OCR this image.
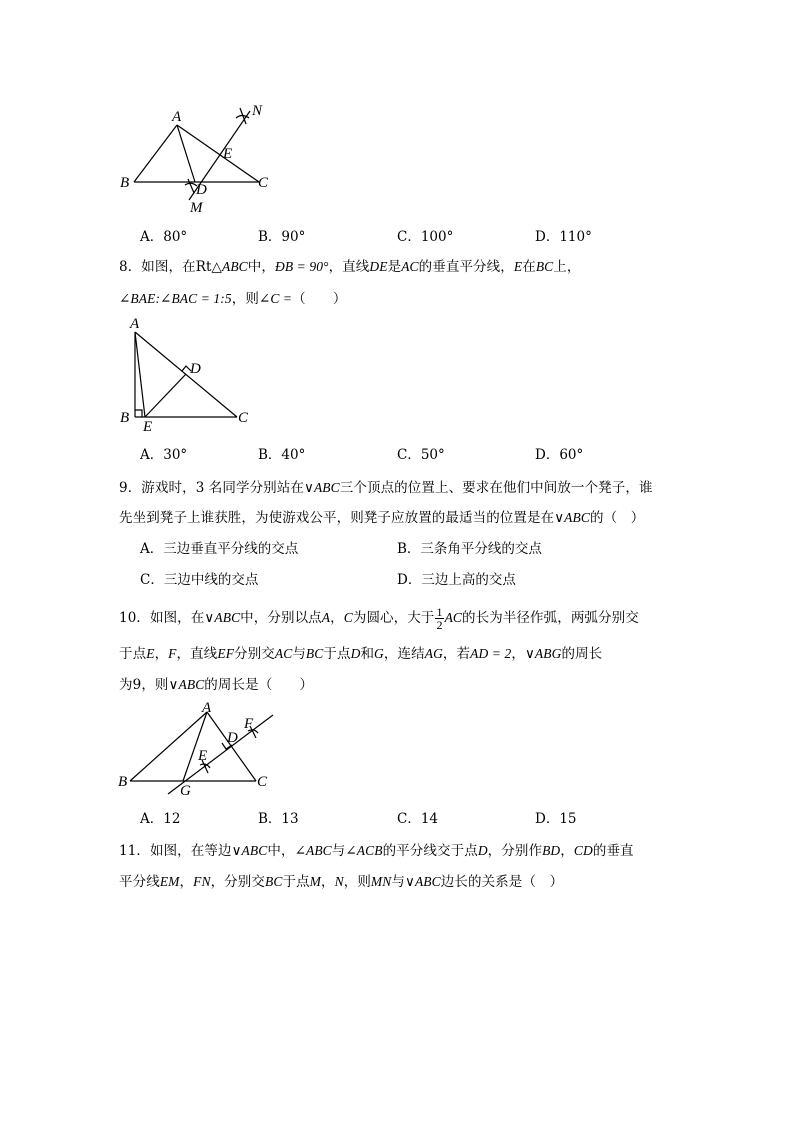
A
B	C
D
E
M
N
A．80°	B．90°	C．100°	D．110°
8．如图，在Rt△ABC中，ÐB = 90°，直线DE是AC的垂直平分线，E在BC上，
∠BAE:∠BAC = 1:5，则∠C =（　　）
A
B	C
D
E
A．30°	B．40°	C．50°	D．60°
9．游戏时，3 名同学分别站在∨ABC三个顶点的位置上、要求在他们中间放一个凳子，谁
先坐到凳子上谁获胜，为使游戏公平，则凳子应放置的最适当的位置是在∨ABC的（　）
A．三边垂直平分线的交点	B．三条角平分线的交点
C．三边中线的交点	D．三边上高的交点
10．如图，在∨ABC中，分别以点A，C为圆心，大于 $\frac{1}{2}$ AC的长为半径作弧，两弧分别交
于点E，F，直线EF分别交AC与BC于点D和G，连结AG，若AD = 2，∨ABG的周长
为9，则∨ABC的周长是（　　）
A
B	C
D
E
F
G
A．12	B．13	C．14	D．15
11．如图，在等边∨ABC中，∠ABC与∠ACB的平分线交于点D，分别作BD，CD的垂直
平分线EM，FN，分别交BC于点M，N，则MN与∨ABC边长的关系是（　）
